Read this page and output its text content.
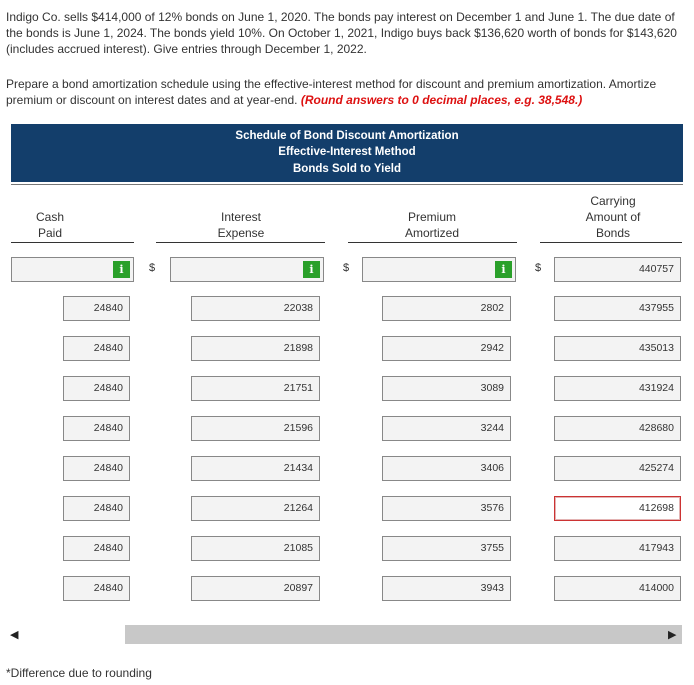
Indigo Co. sells $414,000 of 12% bonds on June 1, 2020. The bonds pay interest on December 1 and June 1. The due date of the bonds is June 1, 2024. The bonds yield 10%. On October 1, 2021, Indigo buys back $136,620 worth of bonds for $143,620 (includes accrued interest). Give entries through December 1, 2022.
Prepare a bond amortization schedule using the effective-interest method for discount and premium amortization. Amortize premium or discount on interest dates and at year-end. (Round answers to 0 decimal places, e.g. 38,548.)
Schedule of Bond Discount Amortization
Effective-Interest Method
Bonds Sold to Yield
Cash
Paid
Interest
Expense
Premium
Amortized
Carrying
Amount of
Bonds
i	$	i	$	i	$	440757
24840	22038	2802	437955
24840	21898	2942	435013
24840	21751	3089	431924
24840	21596	3244	428680
24840	21434	3406	425274
24840	21264	3576	412698
24840	21085	3755	417943
24840	20897	3943	414000
◀	▶
*Difference due to rounding
